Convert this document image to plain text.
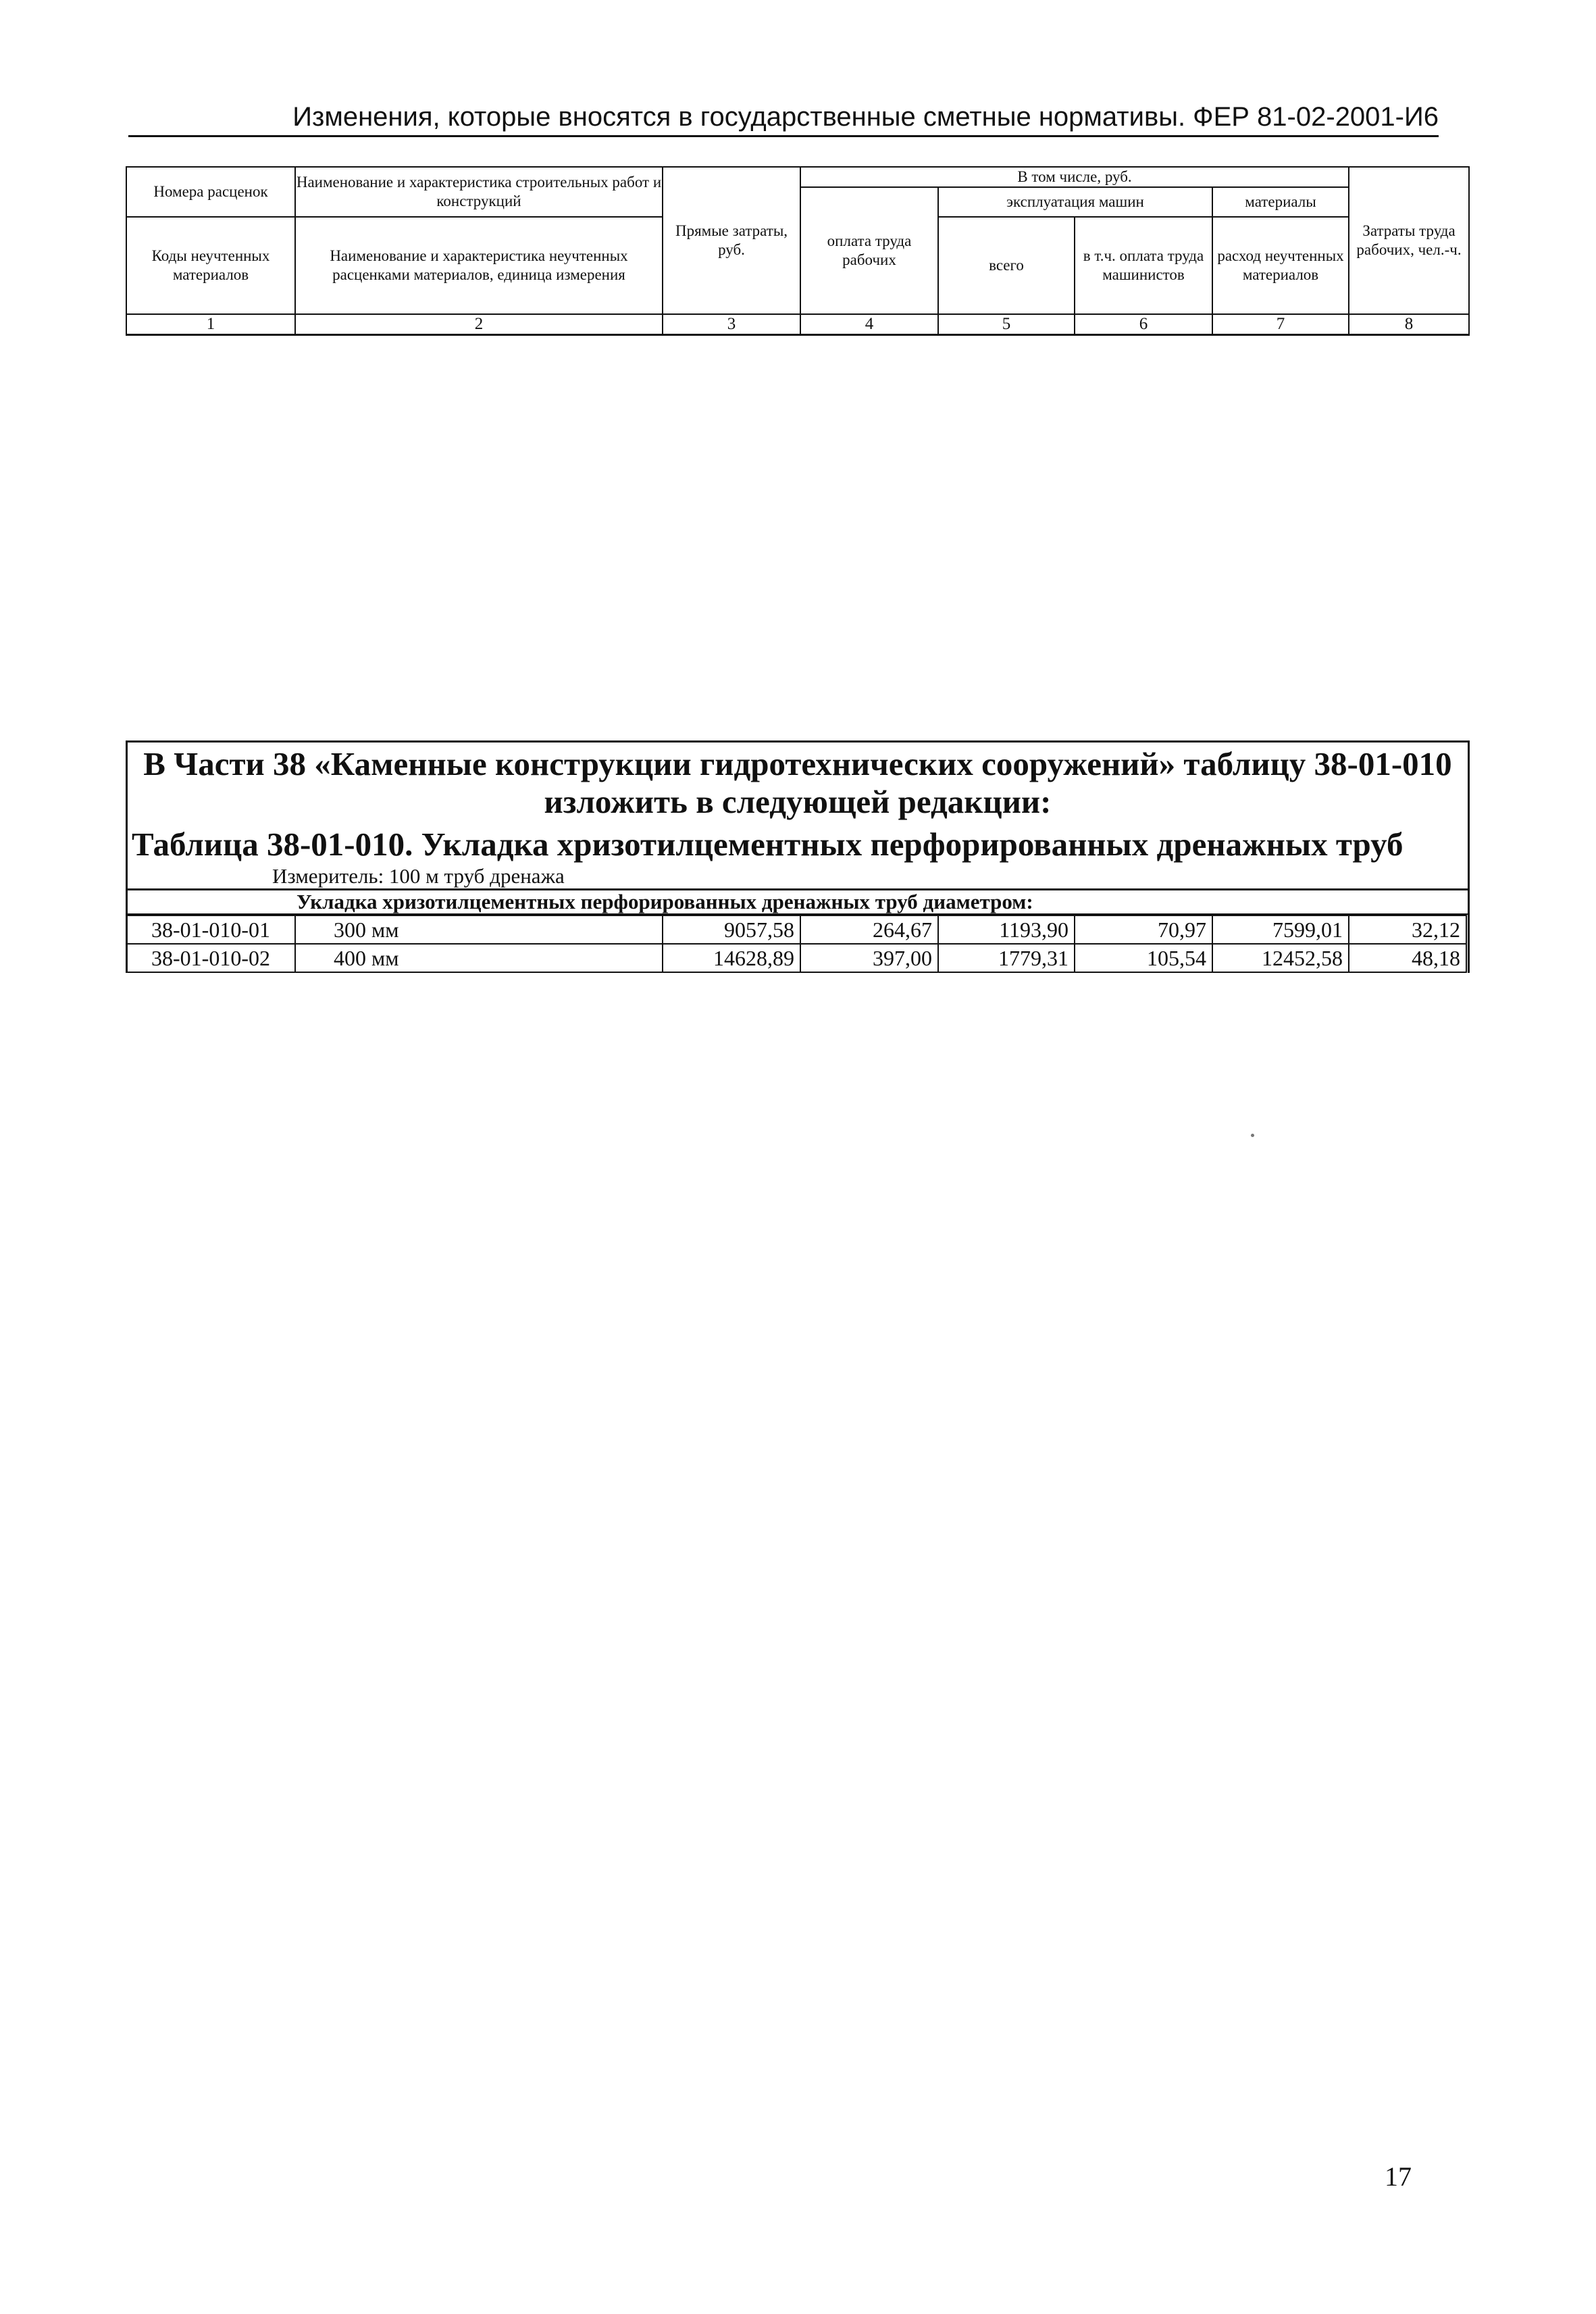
Изменения, которые вносятся в государственные сметные нормативы. ФЕР 81-02-2001-И6
Номера расценок	Наименование и характеристика строительных работ и конструкций	Прямые затраты, руб.	В том числе, руб.				Затраты труда рабочих, чел.-ч.
			оплата труда рабочих	эксплуатация машин		материалы	
Коды неучтенных материалов	Наименование и характеристика неучтенных расценками материалов, единица измерения			всего	в т.ч. оплата труда машинистов	расход неучтенных материалов	

1	2	3	4	5	6	7	8
В Части 38 «Каменные конструкции гидротехнических сооружений» таблицу 38-01-010 изложить в следующей редакции:
Таблица 38-01-010. Укладка хризотилцементных перфорированных дренажных труб
Измеритель: 100 м труб дренажа
Укладка хризотилцементных перфорированных дренажных труб диаметром:
38-01-010-01	300 мм	9057,58	264,67	1193,90	70,97	7599,01	32,12
38-01-010-02	400 мм	14628,89	397,00	1779,31	105,54	12452,58	48,18
17
